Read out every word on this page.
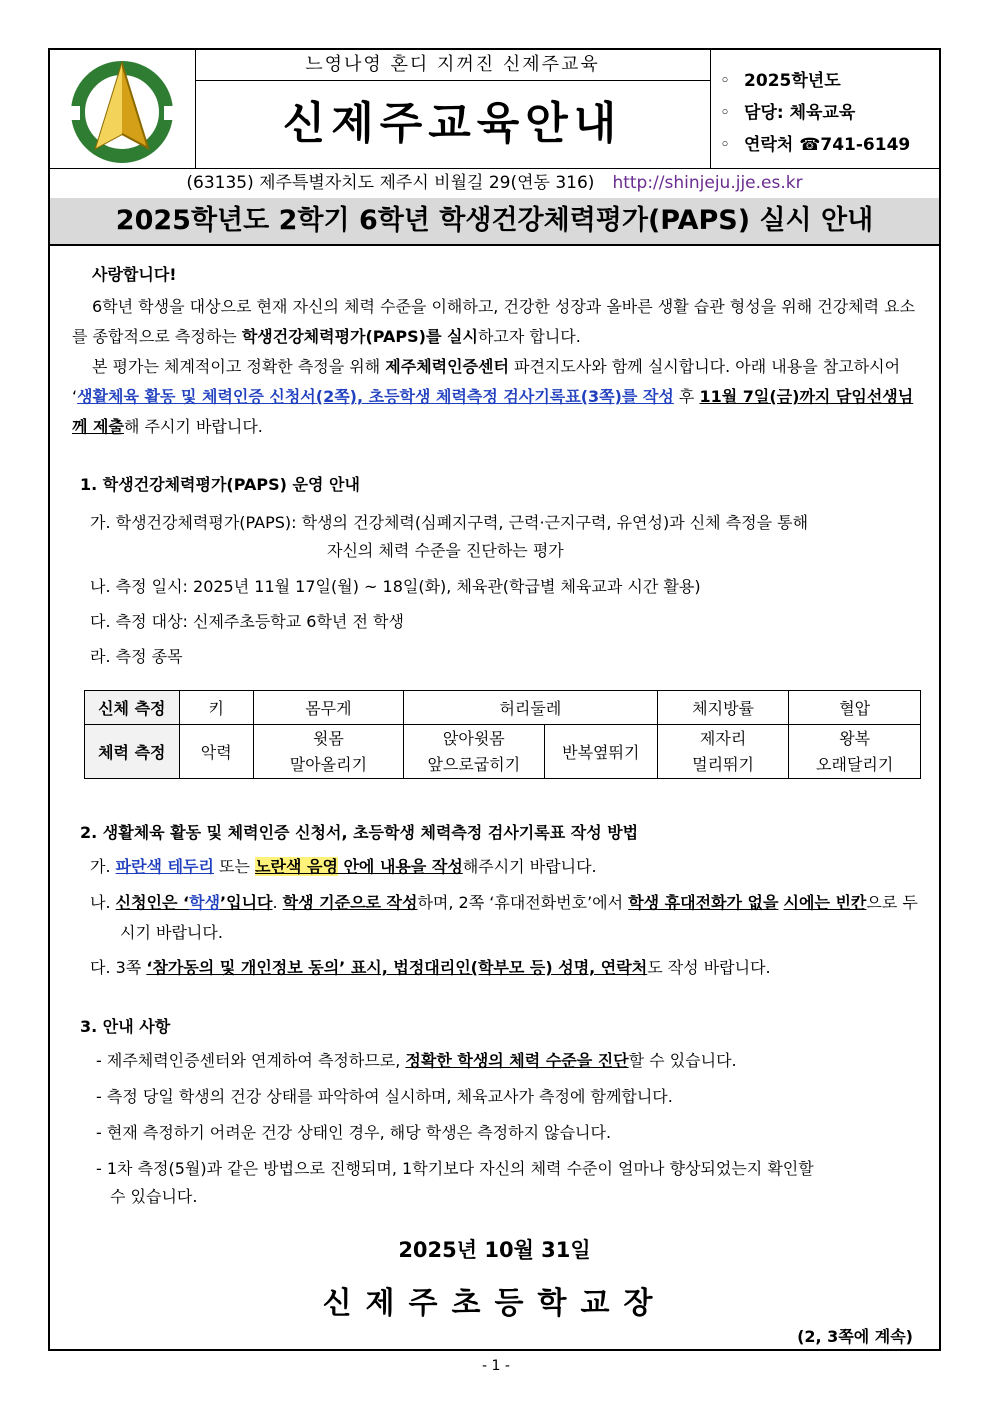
느영나영 혼디 지꺼진 신제주교육
신제주교육안내
◦ 2025학년도
◦ 담당: 체육교육
◦ 연락처 ☎741-6149
(63135) 제주특별자치도 제주시 비월길 29(연동 316) http://shinjeju.jje.es.kr
2025학년도 2학기 6학년 학생건강체력평가(PAPS) 실시 안내
사랑합니다!
6학년 학생을 대상으로 현재 자신의 체력 수준을 이해하고, 건강한 성장과 올바른 생활 습관 형성을 위해 건강체력 요소를 종합적으로 측정하는 학생건강체력평가(PAPS)를 실시하고자 합니다.
본 평가는 체계적이고 정확한 측정을 위해 제주체력인증센터 파견지도사와 함께 실시합니다. 아래 내용을 참고하시어 ‘생활체육 활동 및 체력인증 신청서(2쪽), 초등학생 체력측정 검사기록표(3쪽)를 작성 후 11월 7일(금)까지 담임선생님께 제출해 주시기 바랍니다.
1. 학생건강체력평가(PAPS) 운영 안내
가. 학생건강체력평가(PAPS): 학생의 건강체력(심폐지구력, 근력·근지구력, 유연성)과 신체 측정을 통해
자신의 체력 수준을 진단하는 평가
나. 측정 일시: 2025년 11월 17일(월) ~ 18일(화), 체육관(학급별 체육교과 시간 활용)
다. 측정 대상: 신제주초등학교 6학년 전 학생
라. 측정 종목
신체 측정	키	몸무게	허리둘레		체지방률	혈압
체력 측정	악력	윗몸
말아올리기	앉아윗몸
앞으로굽히기	반복옆뛰기	제자리
멀리뛰기	왕복
오래달리기
2. 생활체육 활동 및 체력인증 신청서, 초등학생 체력측정 검사기록표 작성 방법
가. 파란색 테두리 또는 노란색 음영 안에 내용을 작성해주시기 바랍니다.
나. 신청인은 ‘학생’입니다. 학생 기준으로 작성하며, 2쪽 ‘휴대전화번호’에서 학생 휴대전화가 없을 시에는 빈칸으로 두시기 바랍니다.
다. 3쪽 ‘참가동의 및 개인정보 동의’ 표시, 법정대리인(학부모 등) 성명, 연락처도 작성 바랍니다.
3. 안내 사항
- 제주체력인증센터와 연계하여 측정하므로, 정확한 학생의 체력 수준을 진단할 수 있습니다.
- 측정 당일 학생의 건강 상태를 파악하여 실시하며, 체육교사가 측정에 함께합니다.
- 현재 측정하기 어려운 건강 상태인 경우, 해당 학생은 측정하지 않습니다.
- 1차 측정(5월)과 같은 방법으로 진행되며, 1학기보다 자신의 체력 수준이 얼마나 향상되었는지 확인할
수 있습니다.
2025년 10월 31일
신제주초등학교장
(2, 3쪽에 계속)
- 1 -
